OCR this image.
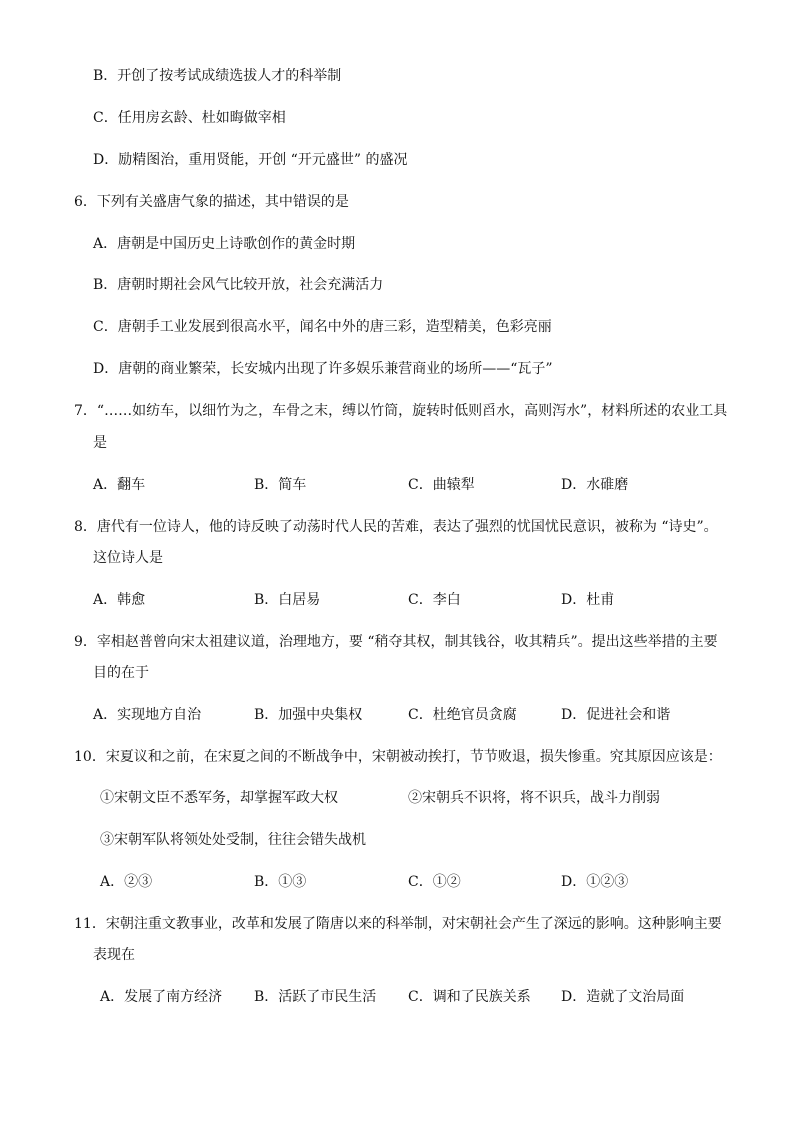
B．开创了按考试成绩选拔人才的科举制
C．任用房玄龄、杜如晦做宰相
D．励精图治，重用贤能，开创 “开元盛世” 的盛况
6．下列有关盛唐气象的描述，其中错误的是
A．唐朝是中国历史上诗歌创作的黄金时期
B．唐朝时期社会风气比较开放，社会充满活力
C．唐朝手工业发展到很高水平，闻名中外的唐三彩，造型精美，色彩亮丽
D．唐朝的商业繁荣，长安城内出现了许多娱乐兼营商业的场所——“瓦子”
7．“……如纺车，以细竹为之，车骨之末，缚以竹筒，旋转时低则舀水，高则泻水”，材料所述的农业工具
是
A．翻车	B．简车	C．曲辕犁	D．水碓磨
8．唐代有一位诗人，他的诗反映了动荡时代人民的苦难，表达了强烈的忧国忧民意识，被称为 “诗史”。
这位诗人是
A．韩愈	B．白居易	C．李白	D．杜甫
9．宰相赵普曾向宋太祖建议道，治理地方，要 “稍夺其权，制其钱谷，收其精兵”。提出这些举措的主要
目的在于
A．实现地方自治	B．加强中央集权	C．杜绝官员贪腐	D．促进社会和谐
10．宋夏议和之前，在宋夏之间的不断战争中，宋朝被动挨打，节节败退，损失惨重。究其原因应该是：
①宋朝文臣不悉军务，却掌握军政大权	②宋朝兵不识将，将不识兵，战斗力削弱
③宋朝军队将领处处受制，往往会错失战机
A．②③	B．①③	C．①②	D．①②③
11．宋朝注重文教事业，改革和发展了隋唐以来的科举制，对宋朝社会产生了深远的影响。这种影响主要
表现在
A．发展了南方经济 B．活跃了市民生活 C．调和了民族关系 D．造就了文治局面
